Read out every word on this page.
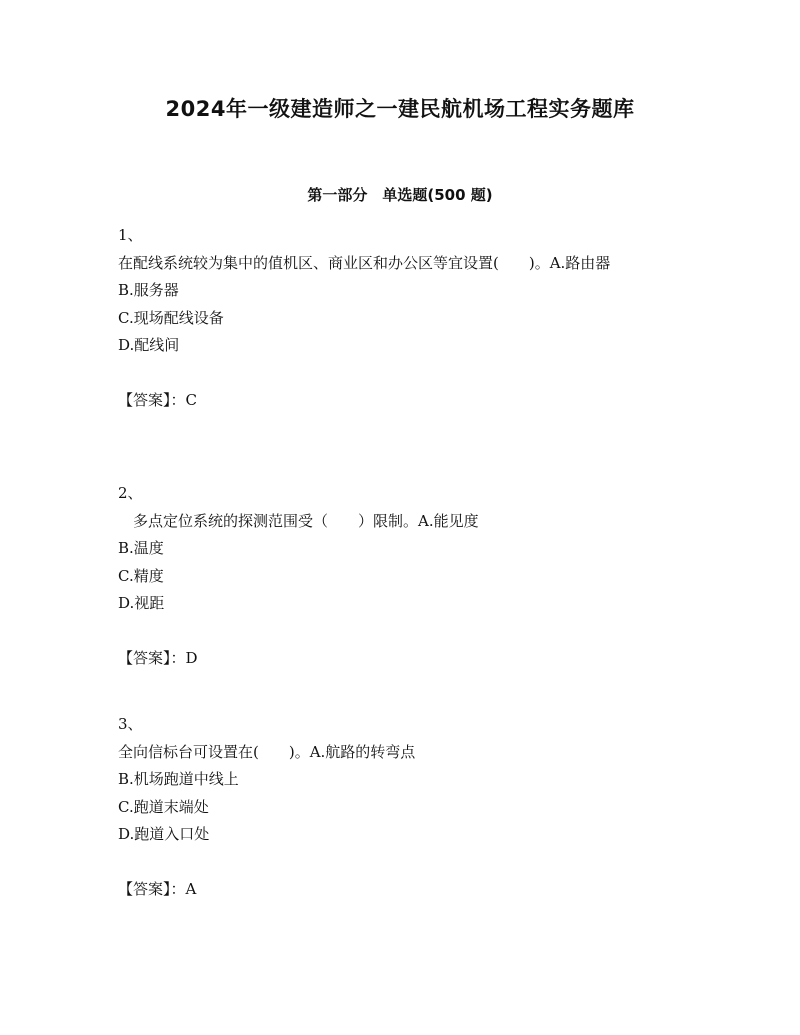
2024年一级建造师之一建民航机场工程实务题库
第一部分　单选题(500 题)
1、
在配线系统较为集中的值机区、商业区和办公区等宜设置(　　)。A.路由器
B.服务器
C.现场配线设备
D.配线间
【答案】：C
2、
　多点定位系统的探测范围受（　　）限制。A.能见度
B.温度
C.精度
D.视距
【答案】：D
3、
全向信标台可设置在(　　)。A.航路的转弯点
B.机场跑道中线上
C.跑道末端处
D.跑道入口处
【答案】：A
